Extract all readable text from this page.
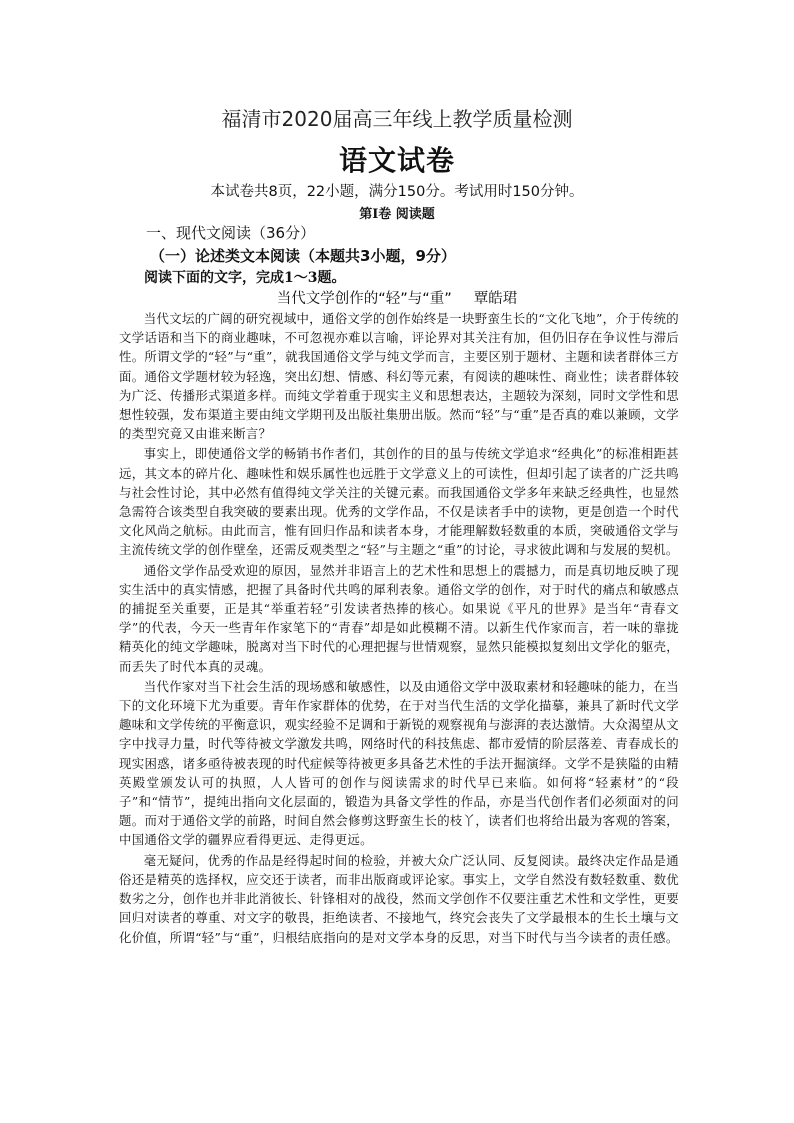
福清市2020届高三年线上教学质量检测
语文试卷
本试卷共8页，22小题，满分150分。考试用时150分钟。
第Ⅰ卷 阅读题
一、现代文阅读（36分）
（一）论述类文本阅读（本题共3小题，9分）
阅读下面的文字，完成1～3题。
当代文学创作的“轻”与“重” 覃皓珺

当代文坛的广阔的研究视域中，通俗文学的创作始终是一块野蛮生长的“文化飞地”，介于传统的文学话语和当下的商业趣味，不可忽视亦难以言喻，评论界对其关注有加，但仍旧存在争议性与滞后性。所谓文学的“轻”与“重”，就我国通俗文学与纯文学而言，主要区别于题材、主题和读者群体三方面。通俗文学题材较为轻逸，突出幻想、情感、科幻等元素，有阅读的趣味性、商业性；读者群体较为广泛、传播形式渠道多样。而纯文学着重于现实主义和思想表达，主题较为深刻，同时文学性和思想性较强，发布渠道主要由纯文学期刊及出版社集册出版。然而“轻”与“重”是否真的难以兼顾，文学的类型究竟又由谁来断言？

事实上，即使通俗文学的畅销书作者们，其创作的目的虽与传统文学追求“经典化”的标准相距甚远，其文本的碎片化、趣味性和娱乐属性也远胜于文学意义上的可读性，但却引起了读者的广泛共鸣与社会性讨论，其中必然有值得纯文学关注的关键元素。而我国通俗文学多年来缺乏经典性，也显然急需符合该类型自我突破的要素出现。优秀的文学作品，不仅是读者手中的读物，更是创造一个时代文化风尚之航标。由此而言，惟有回归作品和读者本身，才能理解数轻数重的本质，突破通俗文学与主流传统文学的创作壁垒，还需反观类型之“轻”与主题之“重”的讨论，寻求彼此调和与发展的契机。

通俗文学作品受欢迎的原因，显然并非语言上的艺术性和思想上的震撼力，而是真切地反映了现实生活中的真实情感，把握了具备时代共鸣的犀利表象。通俗文学的创作，对于时代的痛点和敏感点的捕捉至关重要，正是其“举重若轻”引发读者热捧的核心。如果说《平凡的世界》是当年“青春文学”的代表，今天一些青年作家笔下的“青春”却是如此模糊不清。以新生代作家而言，若一味的靠拢精英化的纯文学趣味，脱离对当下时代的心理把握与世情观察，显然只能模拟复刻出文学化的躯壳，而丢失了时代本真的灵魂。

当代作家对当下社会生活的现场感和敏感性，以及由通俗文学中汲取素材和轻趣味的能力，在当下的文化环境下尤为重要。青年作家群体的优势，在于对当代生活的文学化描摹，兼具了新时代文学趣味和文学传统的平衡意识，观实经验不足调和于新锐的观察视角与澎湃的表达激情。大众渴望从文字中找寻力量，时代等待被文学激发共鸣，网络时代的科技焦虑、都市爱情的阶层落差、青春成长的现实困惑，诸多亟待被表现的时代症候等待被更多具备艺术性的手法开掘演绎。文学不是狭隘的由精英殿堂颁发认可的执照，人人皆可的创作与阅读需求的时代早已来临。如何将“轻素材”的“段子”和“情节”，提纯出指向文化层面的，锻造为具备文学性的作品，亦是当代创作者们必须面对的问题。而对于通俗文学的前路，时间自然会修剪这野蛮生长的枝丫，读者们也将给出最为客观的答案，中国通俗文学的疆界应看得更远、走得更远。

毫无疑问，优秀的作品是经得起时间的检验，并被大众广泛认同、反复阅读。最终决定作品是通俗还是精英的选择权，应交还于读者，而非出版商或评论家。事实上，文学自然没有数轻数重、数优数劣之分，创作也并非此消彼长、针锋相对的战役，然而文学创作不仅要注重艺术性和文学性，更要回归对读者的尊重、对文字的敬畏，拒绝读者、不接地气，终究会丧失了文学最根本的生长土壤与文化价值，所谓“轻”与“重”，归根结底指向的是对文学本身的反思，对当下时代与当今读者的责任感。
